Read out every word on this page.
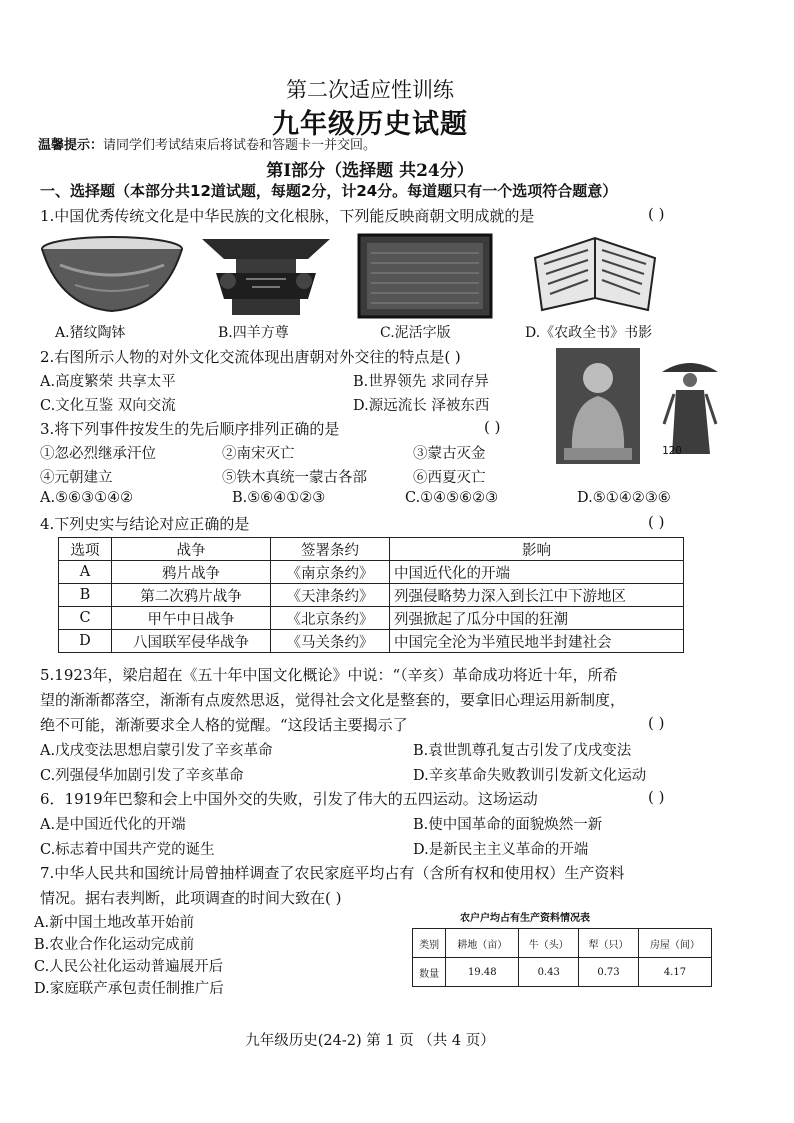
第二次适应性训练
九年级历史试题
温馨提示：请同学们考试结束后将试卷和答题卡一并交回。
第Ⅰ部分（选择题 共24分）
一、选择题（本部分共12道试题，每题2分，计24分。每道题只有一个选项符合题意）
1.中国优秀传统文化是中华民族的文化根脉，下列能反映商朝文明成就的是	( )
A.猪纹陶钵	B.四羊方尊	C.泥活字版	D.《农政全书》书影
2.右图所示人物的对外文化交流体现出唐朝对外交往的特点是( )
A.高度繁荣 共享太平	B.世界领先 求同存异
C.文化互鉴 双向交流	D.源远流长 泽被东西
120
3.将下列事件按发生的先后顺序排列正确的是	( )
①忽必烈继承汗位	②南宋灭亡	③蒙古灭金
④元朝建立	⑤铁木真统一蒙古各部	⑥西夏灭亡
A.⑤⑥③①④②	B.⑤⑥④①②③	C.①④⑤⑥②③	D.⑤①④②③⑥
4.下列史实与结论对应正确的是	( )
选项	战争	签署条约	影响
A	鸦片战争	《南京条约》	中国近代化的开端
B	第二次鸦片战争	《天津条约》	列强侵略势力深入到长江中下游地区
C	甲午中日战争	《北京条约》	列强掀起了瓜分中国的狂潮
D	八国联军侵华战争	《马关条约》	中国完全沦为半殖民地半封建社会
5.1923年，梁启超在《五十年中国文化概论》中说：“（辛亥）革命成功将近十年，所希
望的渐渐都落空，渐渐有点废然思返，觉得社会文化是整套的，要拿旧心理运用新制度，
绝不可能，渐渐要求全人格的觉醒。“这段话主要揭示了	( )
A.戊戌变法思想启蒙引发了辛亥革命	B.袁世凯尊孔复古引发了戊戌变法
C.列强侵华加剧引发了辛亥革命	D.辛亥革命失败教训引发新文化运动
6．1919年巴黎和会上中国外交的失败，引发了伟大的五四运动。这场运动	( )
A.是中国近代化的开端	B.使中国革命的面貌焕然一新
C.标志着中国共产党的诞生	D.是新民主主义革命的开端
7.中华人民共和国统计局曾抽样调查了农民家庭平均占有（含所有权和使用权）生产资料
情况。据右表判断，此项调查的时间大致在( )
A.新中国土地改革开始前
B.农业合作化运动完成前
C.人民公社化运动普遍展开后
D.家庭联产承包责任制推广后
农户户均占有生产资料情况表
类别	耕地（亩）	牛（头）	犁（只）	房屋（间）
数量	19.48	0.43	0.73	4.17
九年级历史(24-2) 第 1 页 （共 4 页）
